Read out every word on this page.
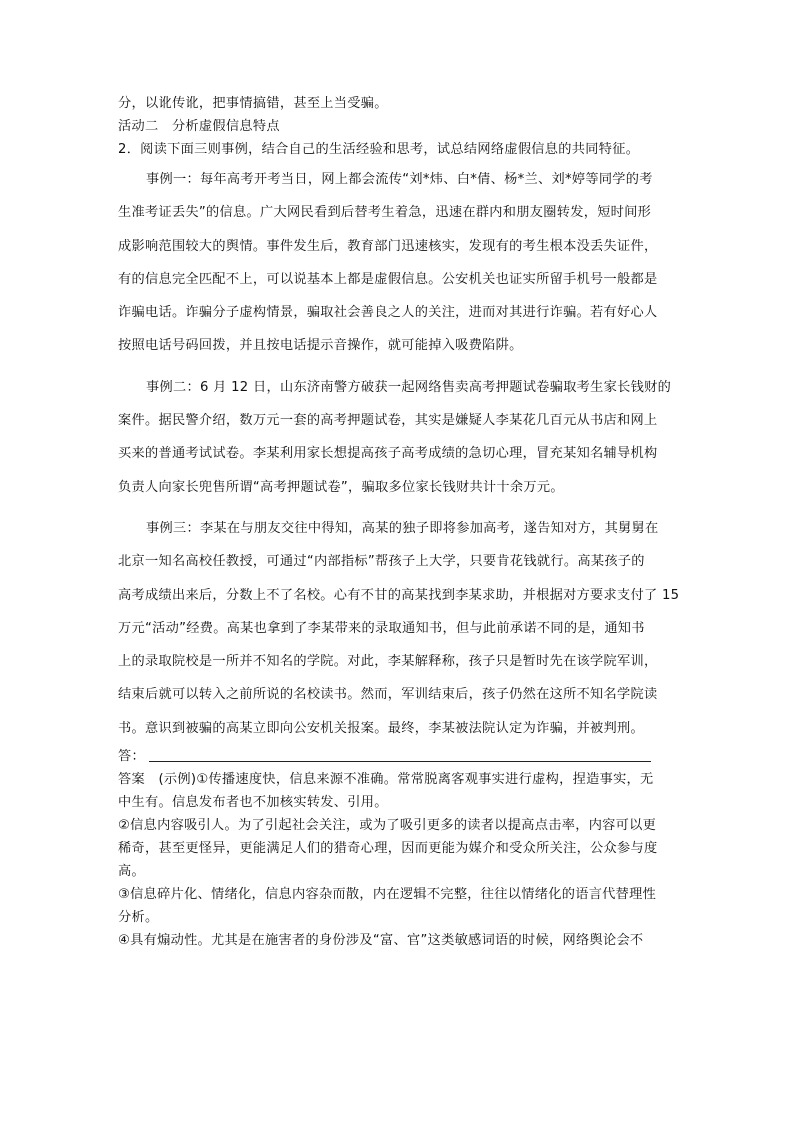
分，以讹传讹，把事情搞错，甚至上当受骗。

活动二　分析虚假信息特点

2．阅读下面三则事例，结合自己的生活经验和思考，试总结网络虚假信息的共同特征。

事例一：每年高考开考当日，网上都会流传“刘*炜、白*倩、杨*兰、刘*婷等同学的考

生准考证丢失”的信息。广大网民看到后替考生着急，迅速在群内和朋友圈转发，短时间形

成影响范围较大的舆情。事件发生后，教育部门迅速核实，发现有的考生根本没丢失证件，

有的信息完全匹配不上，可以说基本上都是虚假信息。公安机关也证实所留手机号一般都是

诈骗电话。诈骗分子虚构情景，骗取社会善良之人的关注，进而对其进行诈骗。若有好心人

按照电话号码回拨，并且按电话提示音操作，就可能掉入吸费陷阱。

事例二：6 月 12 日，山东济南警方破获一起网络售卖高考押题试卷骗取考生家长钱财的

案件。据民警介绍，数万元一套的高考押题试卷，其实是嫌疑人李某花几百元从书店和网上

买来的普通考试试卷。李某利用家长想提高孩子高考成绩的急切心理，冒充某知名辅导机构

负责人向家长兜售所谓“高考押题试卷”，骗取多位家长钱财共计十余万元。

事例三：李某在与朋友交往中得知，高某的独子即将参加高考，遂告知对方，其舅舅在

北京一知名高校任教授，可通过“内部指标”帮孩子上大学，只要肯花钱就行。高某孩子的

高考成绩出来后，分数上不了名校。心有不甘的高某找到李某求助，并根据对方要求支付了 15

万元“活动”经费。高某也拿到了李某带来的录取通知书，但与此前承诺不同的是，通知书

上的录取院校是一所并不知名的学院。对此，李某解释称，孩子只是暂时先在该学院军训，

结束后就可以转入之前所说的名校读书。然而，军训结束后，孩子仍然在这所不知名学院读

书。意识到被骗的高某立即向公安机关报案。最终，李某被法院认定为诈骗，并被判刑。

答：

答案　(示例)①传播速度快，信息来源不准确。常常脱离客观事实进行虚构，捏造事实，无

中生有。信息发布者也不加核实转发、引用。

②信息内容吸引人。为了引起社会关注，或为了吸引更多的读者以提高点击率，内容可以更

稀奇，甚至更怪异，更能满足人们的猎奇心理，因而更能为媒介和受众所关注，公众参与度

高。

③信息碎片化、情绪化，信息内容杂而散，内在逻辑不完整，往往以情绪化的语言代替理性

分析。

④具有煽动性。尤其是在施害者的身份涉及“富、官”这类敏感词语的时候，网络舆论会不
